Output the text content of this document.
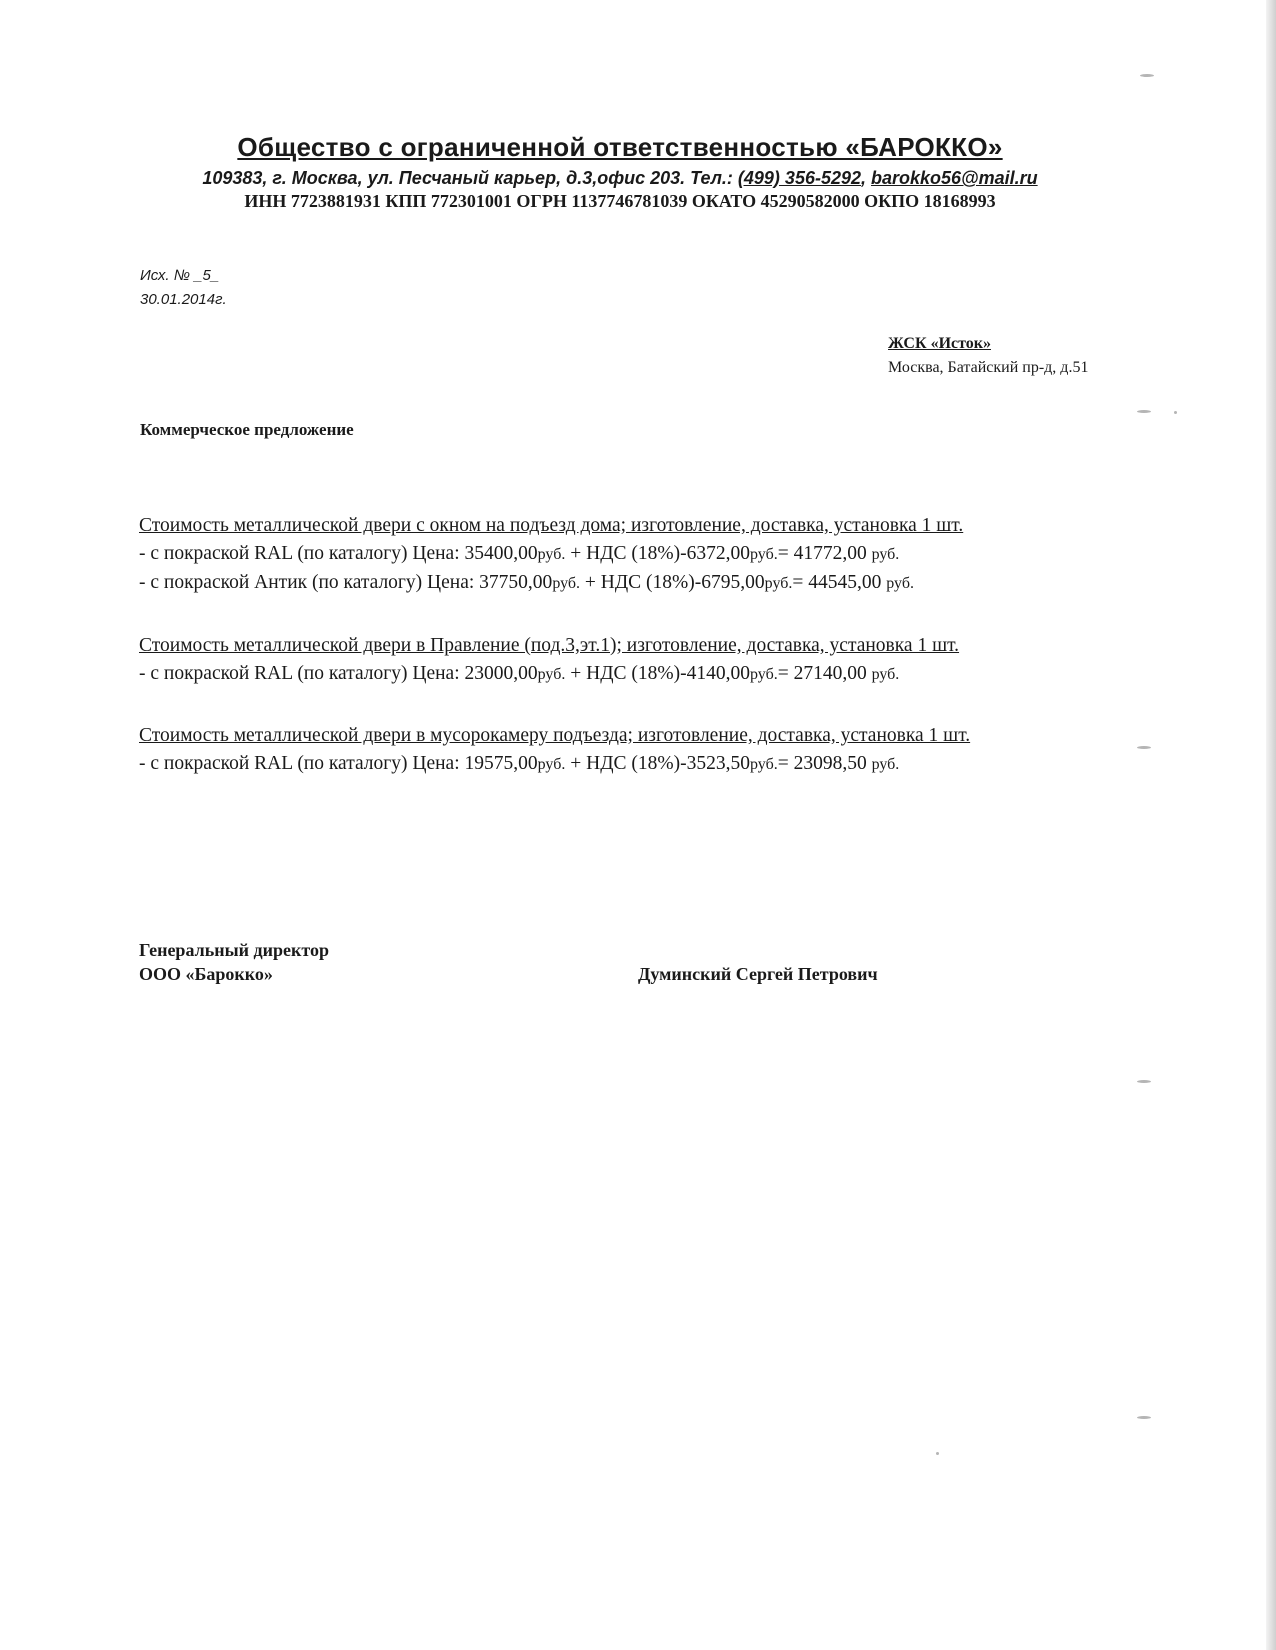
Общество с ограниченной ответственностью «БАРОККО»
109383, г. Москва, ул. Песчаный карьер, д.3,офис 203. Тел.: (499) 356-5292, barokko56@mail.ru
ИНН 7723881931 КПП 772301001 ОГРН 1137746781039 ОКАТО 45290582000 ОКПО 18168993
Исх. № _5_
30.01.2014г.
ЖСК «Исток»
Москва, Батайский пр-д, д.51
Коммерческое предложение
Стоимость металлической двери с окном на подъезд дома; изготовление, доставка, установка 1 шт.
- с покраской RAL (по каталогу) Цена: 35400,00руб. + НДС (18%)-6372,00руб.= 41772,00 руб.
- с покраской Антик (по каталогу) Цена: 37750,00руб. + НДС (18%)-6795,00руб.= 44545,00 руб.
Стоимость металлической двери в Правление (под.3,эт.1); изготовление, доставка, установка 1 шт.
- с покраской RAL (по каталогу) Цена: 23000,00руб. + НДС (18%)-4140,00руб.= 27140,00 руб.
Стоимость металлической двери в мусорокамеру подъезда; изготовление, доставка, установка 1 шт.
- с покраской RAL (по каталогу) Цена: 19575,00руб. + НДС (18%)-3523,50руб.= 23098,50 руб.
Генеральный директор
ООО «Барокко»	Думинский Сергей Петрович
